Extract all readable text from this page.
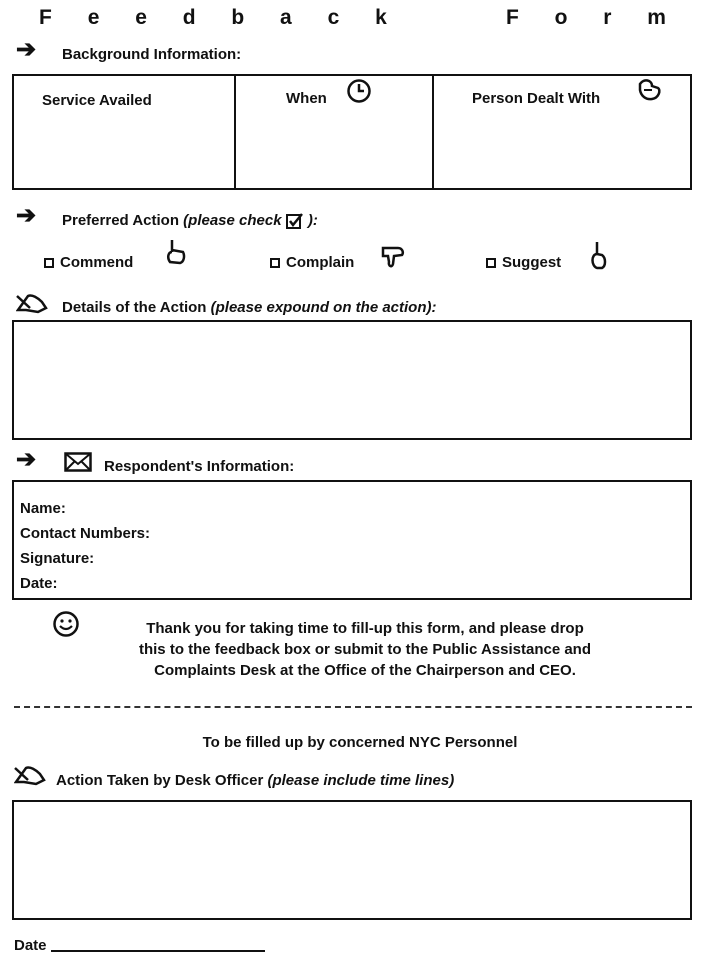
F e e d b a c k     F o r m
➔ Background Information:
Service Availed	When	Person Dealt With
➔ Preferred Action (please check ):
Commend	Complain	Suggest
Details of the Action (please expound on the action):
➔	Respondent's Information:
Name:
Contact Numbers:
Signature:
Date:
Thank you for taking time to fill-up this form, and please drop
this to the feedback box or submit to the Public Assistance and
Complaints Desk at the Office of the Chairperson and CEO.
To be filled up by concerned NYC Personnel
Action Taken by Desk Officer (please include time lines)
Date
